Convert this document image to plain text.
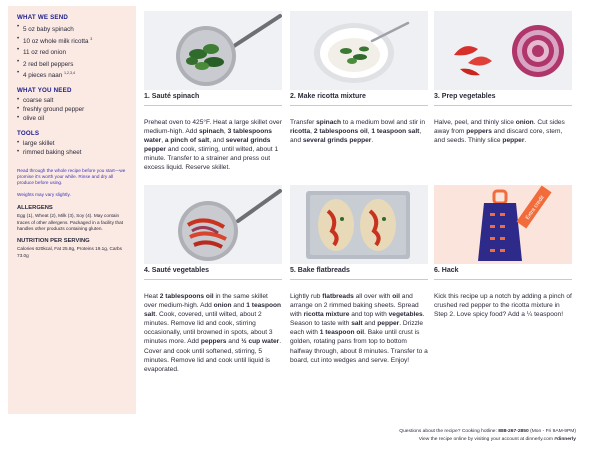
WHAT WE SEND
• 5 oz baby spinach
• 10 oz whole milk ricotta $^3$
• 11 oz red onion
• 2 red bell peppers
• 4 pieces naan $^{1,2,3,4}$
WHAT YOU NEED
• coarse salt
• freshly ground pepper
• olive oil
TOOLS
• large skillet
• rimmed baking sheet
Read through the whole recipe before you start—we promise it's worth your while. Rinse and dry all produce before using.
Weights may vary slightly.
ALLERGENS
Egg (1), Wheat (2), Milk (3), Soy (4). May contain traces of other allergens. Packaged in a facility that handles other products containing gluten.
NUTRITION PER SERVING
Calories 620kcal, Fat 25.8g, Proteins 19.1g, Carbs 73.0g
1. Sauté spinach
Preheat oven to 425°F. Heat a large skillet over medium-high. Add spinach, 3 tablespoons water, a pinch of salt, and several grinds pepper and cook, stirring, until wilted, about 1 minute. Transfer to a strainer and press out excess liquid. Reserve skillet.
2. Make ricotta mixture
Transfer spinach to a medium bowl and stir in ricotta, 2 tablespoons oil, 1 teaspoon salt, and several grinds pepper.
3. Prep vegetables
Halve, peel, and thinly slice onion. Cut sides away from peppers and discard core, stem, and seeds. Thinly slice pepper.
4. Sauté vegetables
Heat 2 tablespoons oil in the same skillet over medium-high. Add onion and 1 teaspoon salt. Cook, covered, until wilted, about 2 minutes. Remove lid and cook, stirring occasionally, until browned in spots, about 3 minutes more. Add peppers and ½ cup water. Cover and cook until softened, stirring, 5 minutes. Remove lid and cook until liquid is evaporated.
5. Bake flatbreads
Lightly rub flatbreads all over with oil and arrange on 2 rimmed baking sheets. Spread with ricotta mixture and top with vegetables. Season to taste with salt and pepper. Drizzle each with 1 teaspoon oil. Bake until crust is golden, rotating pans from top to bottom halfway through, about 8 minutes. Transfer to a board, cut into wedges and serve. Enjoy!
Extra credit
6. Hack
Kick this recipe up a notch by adding a pinch of crushed red pepper to the ricotta mixture in Step 2. Love spicy food? Add a ¼ teaspoon!
Questions about the recipe? Cooking hotline: 888-267-2850 (Mon - Fri 9AM-9PM)
View the recipe online by visiting your account at dinnerly.com #dinnerly
